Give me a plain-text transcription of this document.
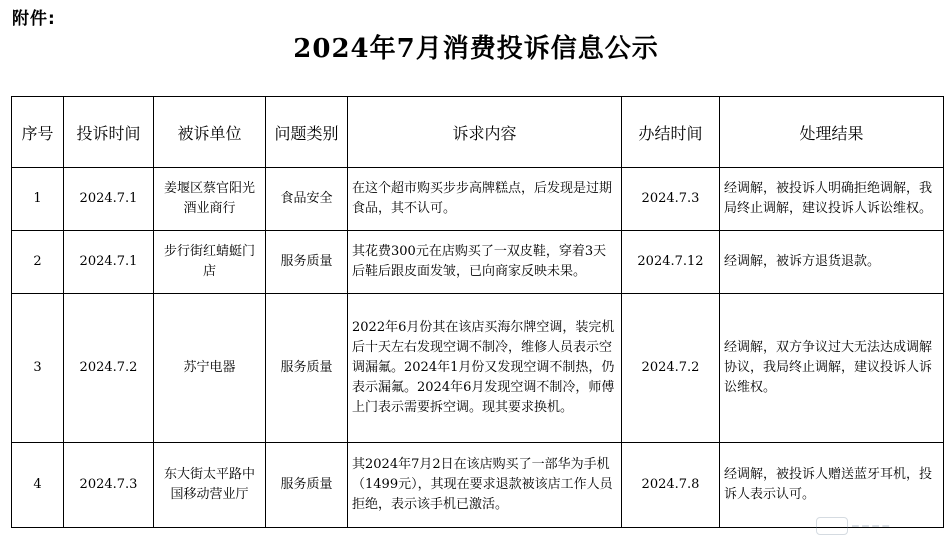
附件:
2024年7月消费投诉信息公示
序号	投诉时间	被诉单位	问题类别	诉求内容	办结时间	处理结果
1	2024.7.1	姜堰区蔡官阳光酒业商行	食品安全	在这个超市购买步步高牌糕点，后发现是过期食品，其不认可。	2024.7.3	经调解，被投诉人明确拒绝调解，我局终止调解，建议投诉人诉讼维权。
2	2024.7.1	步行街红蜻蜓门店	服务质量	其花费300元在店购买了一双皮鞋，穿着3天后鞋后跟皮面发皱，已向商家反映未果。	2024.7.12	经调解，被诉方退货退款。
3	2024.7.2	苏宁电器	服务质量	2022年6月份其在该店买海尔牌空调，装完机后十天左右发现空调不制冷，维修人员表示空调漏氟。2024年1月份又发现空调不制热，仍表示漏氟。2024年6月发现空调不制冷，师傅上门表示需要拆空调。现其要求换机。	2024.7.2	经调解，双方争议过大无法达成调解协议，我局终止调解，建议投诉人诉讼维权。
4	2024.7.3	东大街太平路中国移动营业厅	服务质量	其2024年7月2日在该店购买了一部华为手机（1499元），其现在要求退款被该店工作人员拒绝，表示该手机已激活。	2024.7.8	经调解，被投诉人赠送蓝牙耳机，投诉人表示认可。
━ ━ ━ ━
